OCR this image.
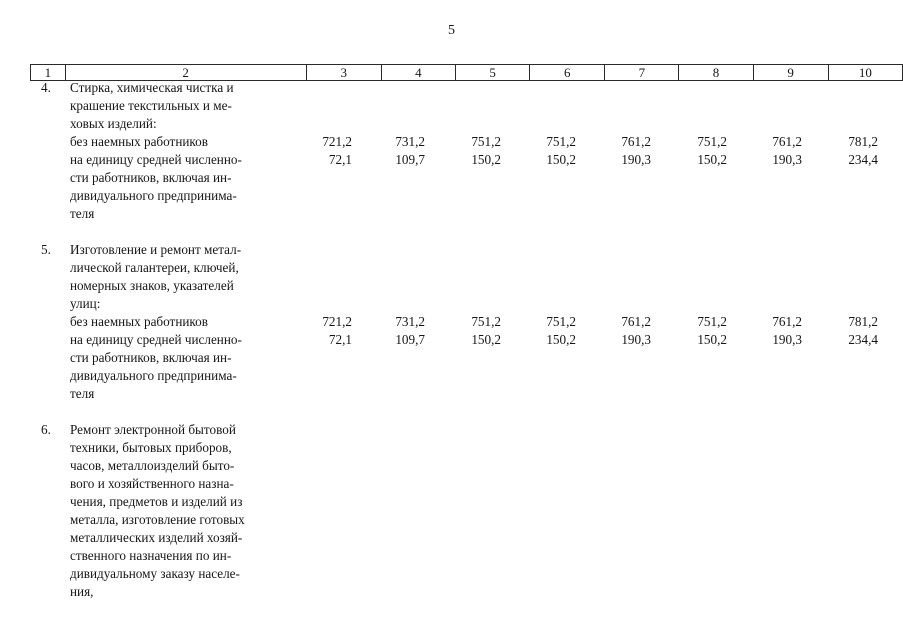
5
1	2	3	4	5	6	7	8	9	10
4. Стирка, химическая чистка и
крашение текстильных и ме-
ховых изделий:
без наемных работников	721,2	731,2	751,2	751,2	761,2	751,2	761,2	781,2
на единицу средней численно-	72,1	109,7	150,2	150,2	190,3	150,2	190,3	234,4
сти работников, включая ин-
дивидуального предпринима-
теля
5. Изготовление и ремонт метал-
лической галантереи, ключей,
номерных знаков, указателей
улиц:
без наемных работников	721,2	731,2	751,2	751,2	761,2	751,2	761,2	781,2
на единицу средней численно-	72,1	109,7	150,2	150,2	190,3	150,2	190,3	234,4
сти работников, включая ин-
дивидуального предпринима-
теля
6. Ремонт электронной бытовой
техники, бытовых приборов,
часов, металлоизделий быто-
вого и хозяйственного назна-
чения, предметов и изделий из
металла, изготовление готовых
металлических изделий хозяй-
ственного назначения по ин-
дивидуальному заказу населе-
ния,
